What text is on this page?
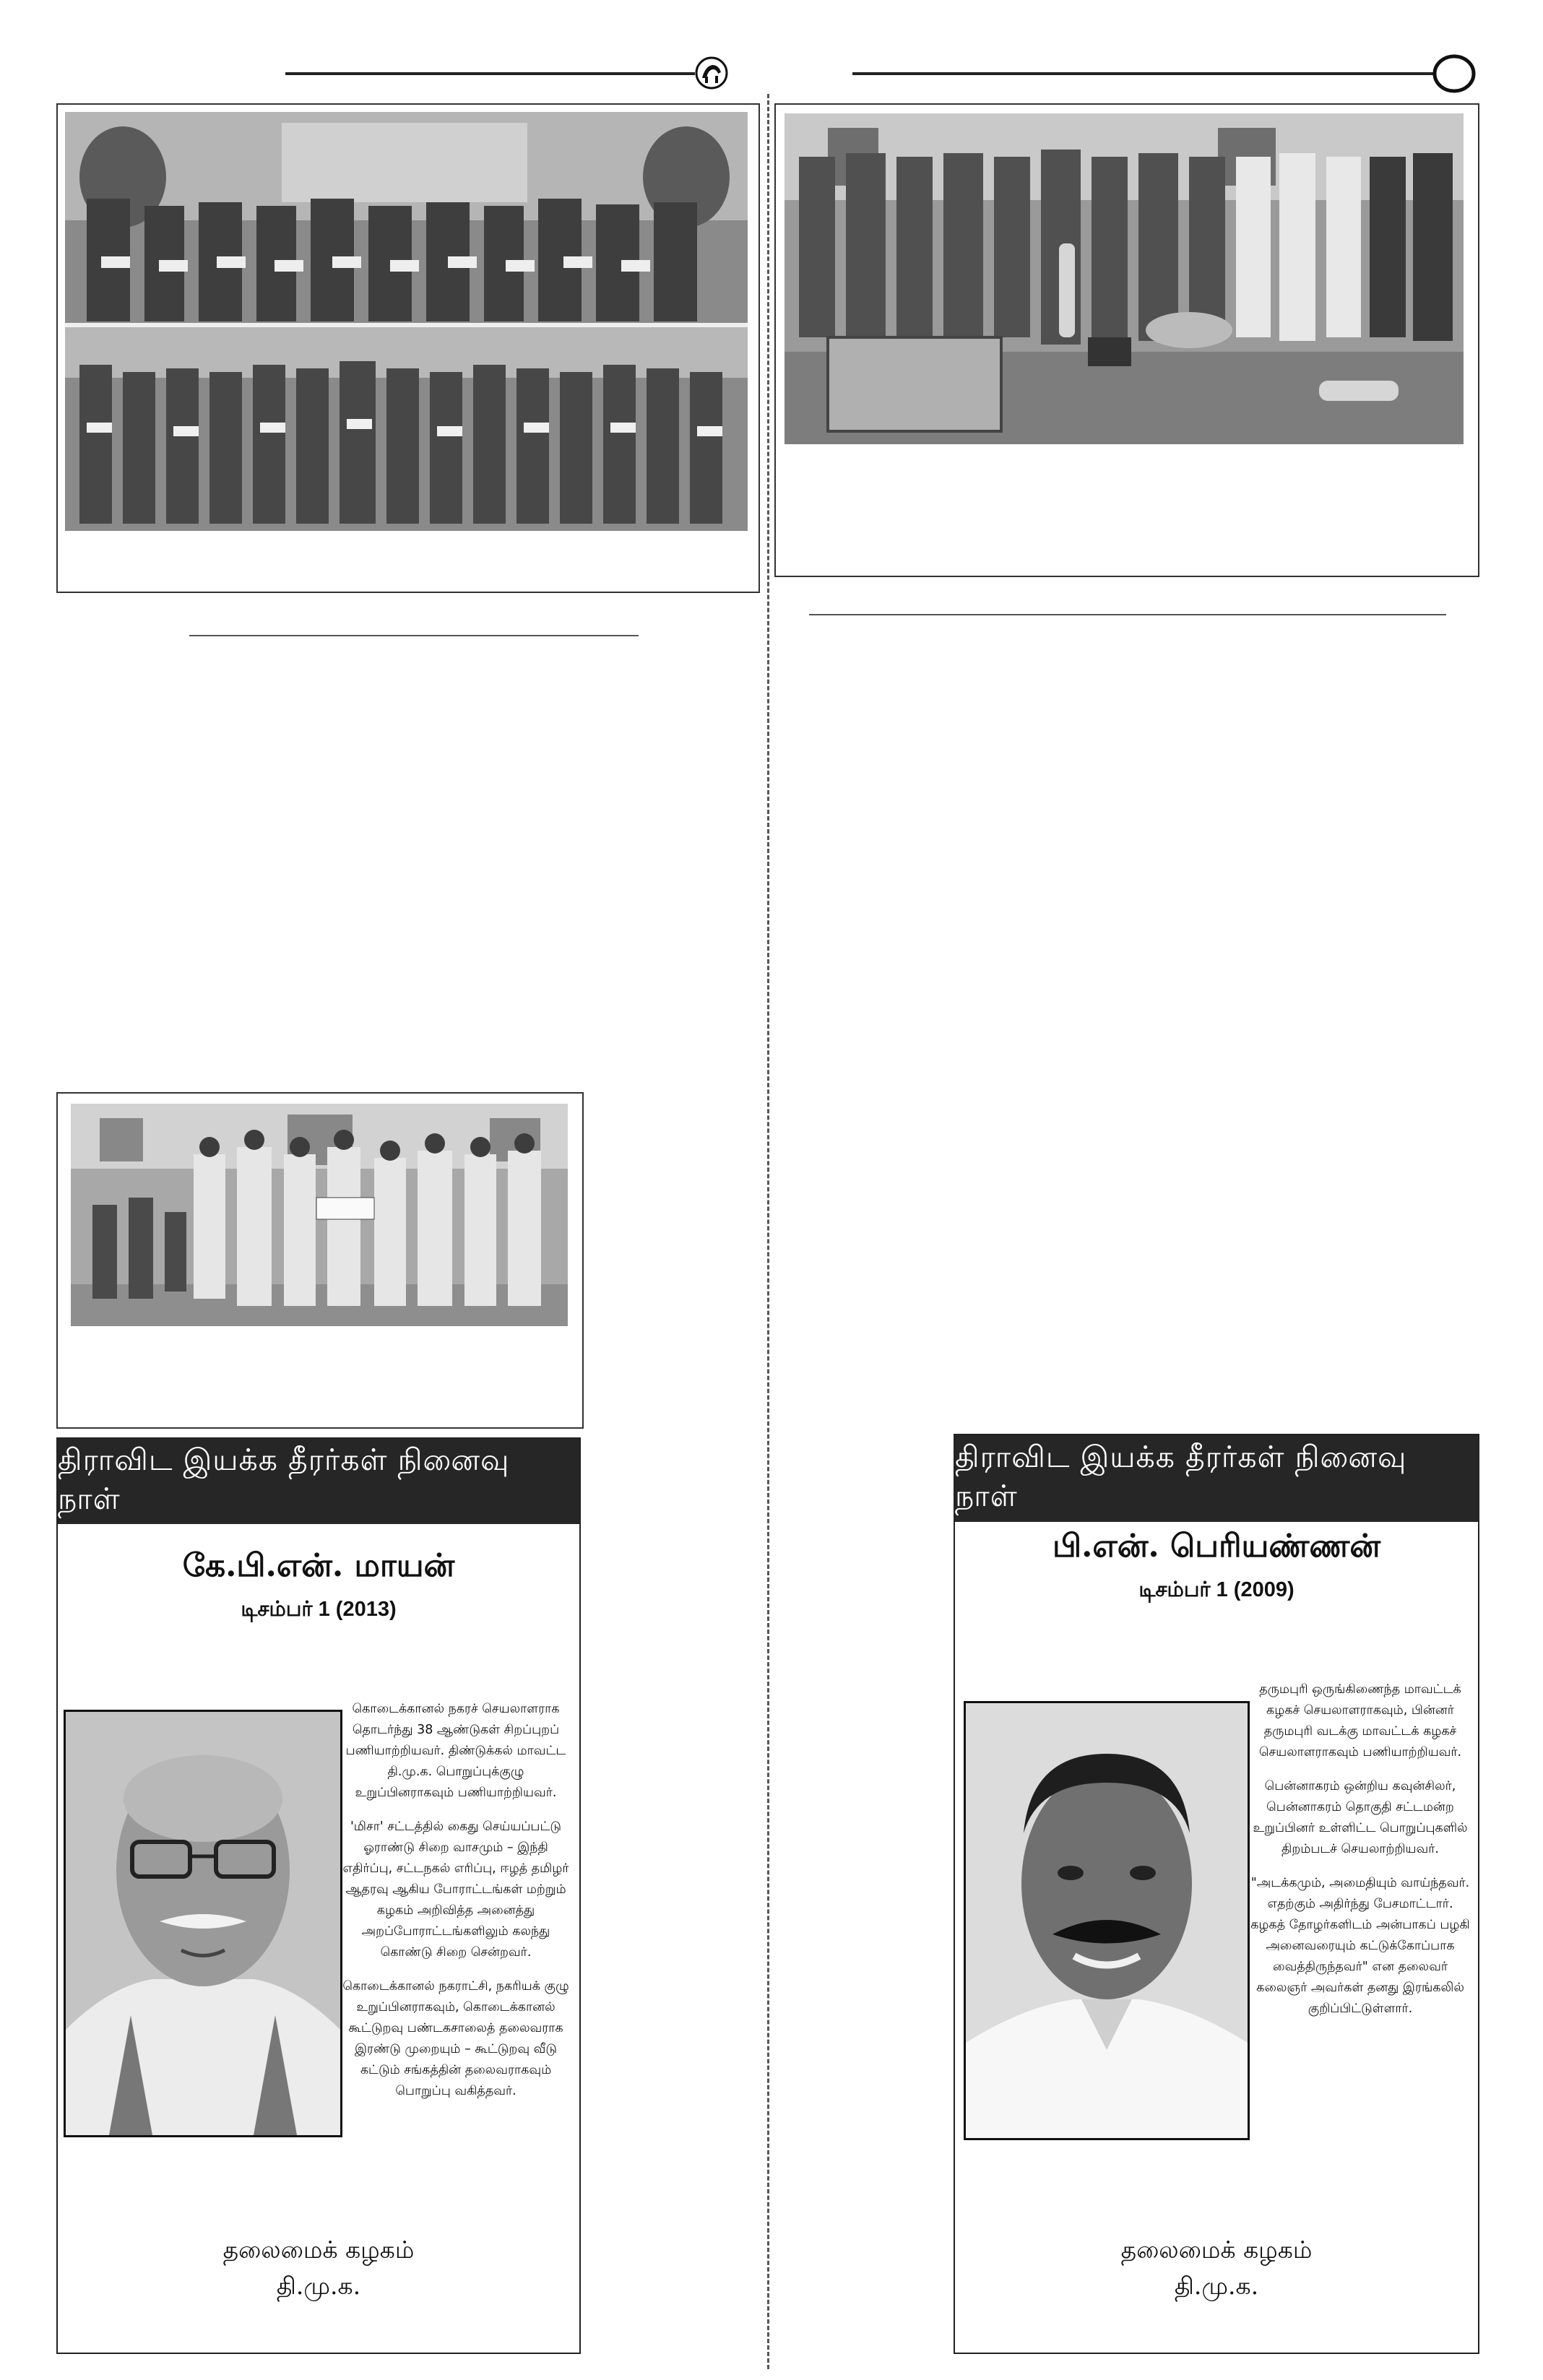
திராவிட இயக்க தீரர்கள் நினைவு நாள்
கே.பி.என். மாயன்
டிசம்பர் 1 (2013)

கொடைக்கானல் நகரச் செயலாளராக தொடர்ந்து 38 ஆண்டுகள் சிறப்புறப் பணியாற்றியவர். திண்டுக்கல் மாவட்ட தி.மு.க. பொறுப்புக்குழு உறுப்பினராகவும் பணியாற்றியவர்.

'மிசா' சட்டத்தில் கைது செய்யப்பட்டு ஓராண்டு சிறை வாசமும் – இந்தி எதிர்ப்பு, சட்டநகல் எரிப்பு, ஈழத் தமிழர் ஆதரவு ஆகிய போராட்டங்கள் மற்றும் கழகம் அறிவித்த அனைத்து அறப்போராட்டங்களிலும் கலந்து கொண்டு சிறை சென்றவர்.

கொடைக்கானல் நகராட்சி, நகரியக் குழு உறுப்பினராகவும், கொடைக்கானல் கூட்டுறவு பண்டகசாலைத் தலைவராக இரண்டு முறையும் – கூட்டுறவு வீடு கட்டும் சங்கத்தின் தலைவராகவும் பொறுப்பு வகித்தவர்.

தலைமைக் கழகம்
தி.மு.க.
திராவிட இயக்க தீரர்கள் நினைவு நாள்
பி.என். பெரியண்ணன்
டிசம்பர் 1 (2009)

தருமபுரி ஒருங்கிணைந்த மாவட்டக் கழகச் செயலாளராகவும், பின்னர் தருமபுரி வடக்கு மாவட்டக் கழகச் செயலாளராகவும் பணியாற்றியவர்.

பென்னாகரம் ஒன்றிய கவுன்சிலர், பென்னாகரம் தொகுதி சட்டமன்ற உறுப்பினர் உள்ளிட்ட பொறுப்புகளில் திறம்படச் செயலாற்றியவர்.

"அடக்கமும், அமைதியும் வாய்ந்தவர். எதற்கும் அதிர்ந்து பேசமாட்டார். கழகத் தோழர்களிடம் அன்பாகப் பழகி அனைவரையும் கட்டுக்கோப்பாக வைத்திருந்தவர்" என தலைவர் கலைஞர் அவர்கள் தனது இரங்கலில் குறிப்பிட்டுள்ளார்.

தலைமைக் கழகம்
தி.மு.க.
